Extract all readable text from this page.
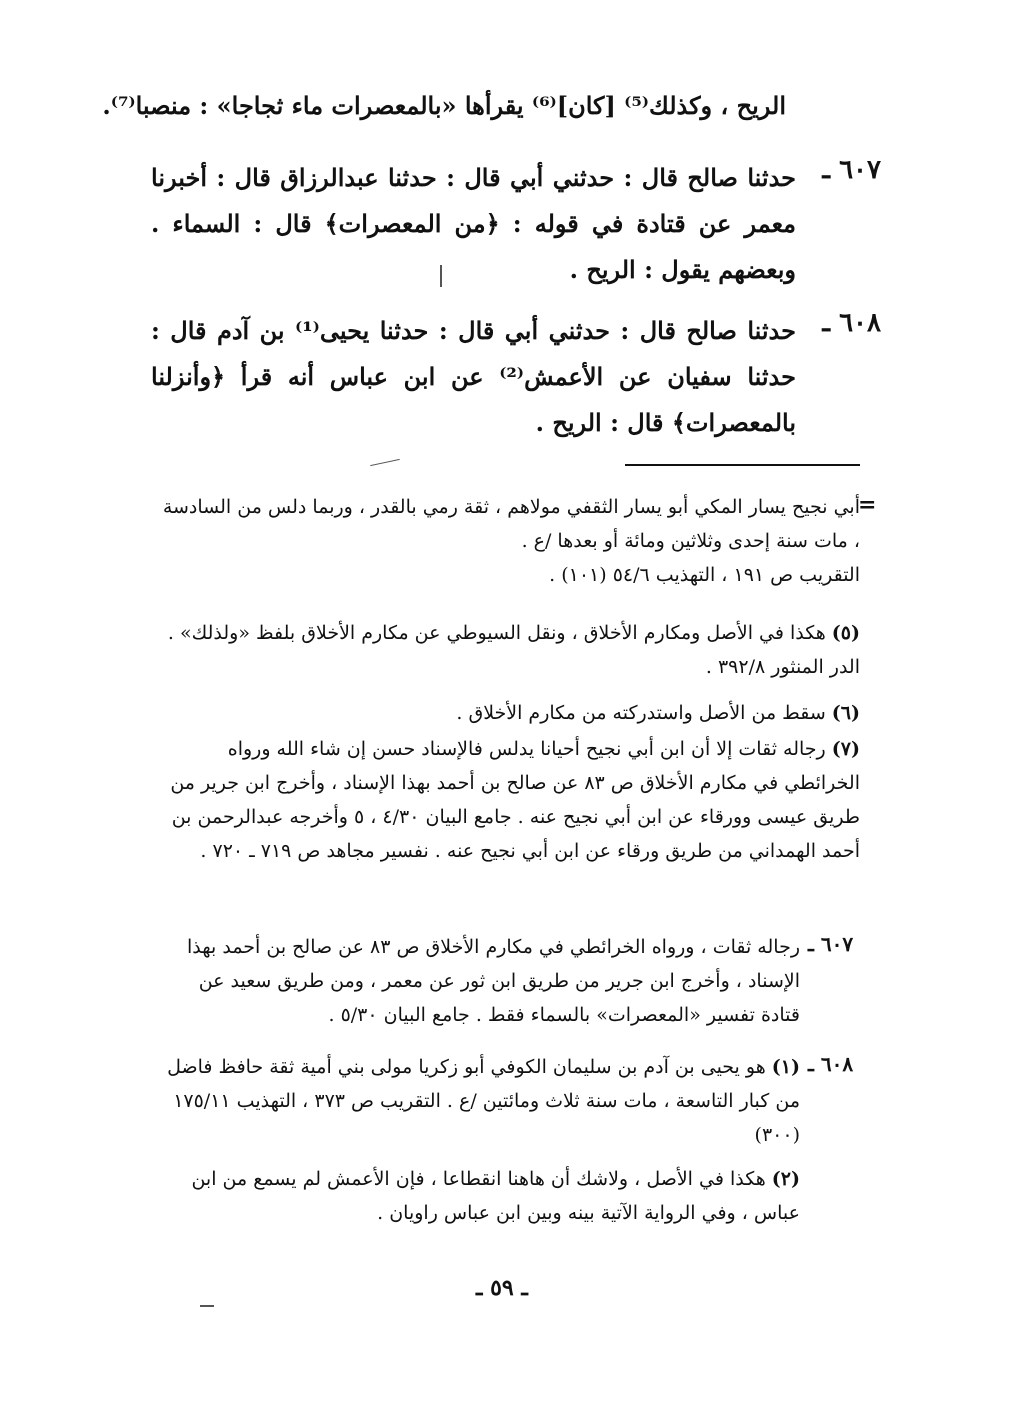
الريح ، وكذلك⁽⁵⁾ [كان]⁽⁶⁾ يقرأها «بالمعصرات ماء ثجاجا» : منصبا⁽⁷⁾.
٦٠٧ ـ
حدثنا صالح قال : حدثني أبي قال : حدثنا عبدالرزاق قال : أخبرنا معمر عن قتادة في قوله : ﴿من المعصرات﴾ قال : السماء . وبعضهم يقول : الريح .
٦٠٨ ـ
حدثنا صالح قال : حدثني أبي قال : حدثنا يحيى⁽¹⁾ بن آدم قال : حدثنا سفيان عن الأعمش⁽²⁾ عن ابن عباس أنه قرأ ﴿وأنزلنا بالمعصرات﴾ قال : الريح .
=

أبي نجيح يسار المكي أبو يسار الثقفي مولاهم ، ثقة رمي بالقدر ، وربما دلس من السادسة ، مات سنة إحدى وثلاثين ومائة أو بعدها /ع .

التقريب ص ١٩١ ، التهذيب ٥٤/٦ (١٠١) .

(٥) هكذا في الأصل ومكارم الأخلاق ، ونقل السيوطي عن مكارم الأخلاق بلفظ «ولذلك» . الدر المنثور ٣٩٢/٨ .

(٦) سقط من الأصل واستدركته من مكارم الأخلاق .

(٧) رجاله ثقات إلا أن ابن أبي نجيح أحيانا يدلس فالإسناد حسن إن شاء الله ورواه الخرائطي في مكارم الأخلاق ص ٨٣ عن صالح بن أحمد بهذا الإسناد ، وأخرج ابن جرير من طريق عيسى وورقاء عن ابن أبي نجيح عنه . جامع البيان ٤/٣٠ ، ٥ وأخرجه عبدالرحمن بن أحمد الهمداني من طريق ورقاء عن ابن أبي نجيح عنه . نفسير مجاهد ص ٧١٩ ـ ٧٢٠ .

٦٠٧ ـ

رجاله ثقات ، ورواه الخرائطي في مكارم الأخلاق ص ٨٣ عن صالح بن أحمد بهذا الإسناد ، وأخرج ابن جرير من طريق ابن ثور عن معمر ، ومن طريق سعيد عن قتادة تفسير «المعصرات» بالسماء فقط . جامع البيان ٥/٣٠ .

٦٠٨ ـ

(١) هو يحيى بن آدم بن سليمان الكوفي أبو زكريا مولى بني أمية ثقة حافظ فاضل من كبار التاسعة ، مات سنة ثلاث ومائتين /ع . التقريب ص ٣٧٣ ، التهذيب ١٧٥/١١ (٣٠٠)

(٢) هكذا في الأصل ، ولاشك أن هاهنا انقطاعا ، فإن الأعمش لم يسمع من ابن عباس ، وفي الرواية الآتية بينه وبين ابن عباس راويان .

ـ ٥٩ ـ
